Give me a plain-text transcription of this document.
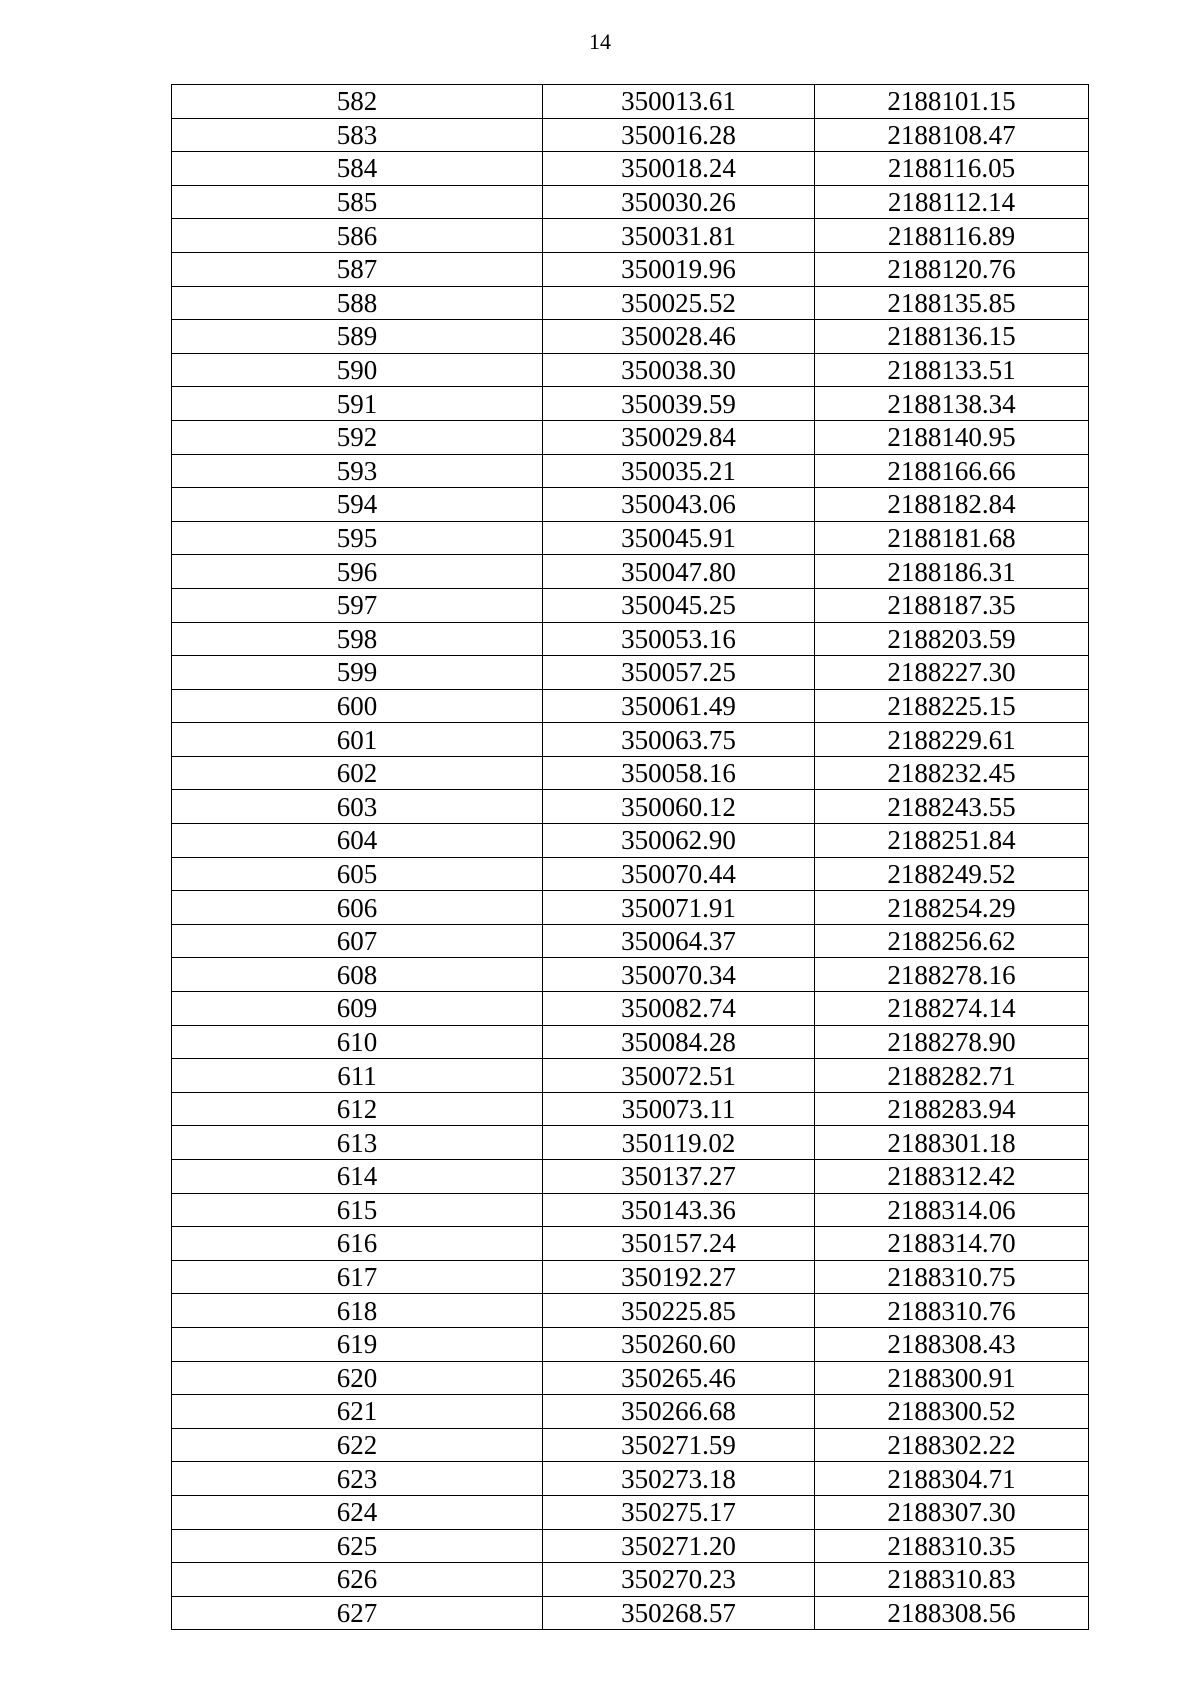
14
582	350013.61	2188101.15
583	350016.28	2188108.47
584	350018.24	2188116.05
585	350030.26	2188112.14
586	350031.81	2188116.89
587	350019.96	2188120.76
588	350025.52	2188135.85
589	350028.46	2188136.15
590	350038.30	2188133.51
591	350039.59	2188138.34
592	350029.84	2188140.95
593	350035.21	2188166.66
594	350043.06	2188182.84
595	350045.91	2188181.68
596	350047.80	2188186.31
597	350045.25	2188187.35
598	350053.16	2188203.59
599	350057.25	2188227.30
600	350061.49	2188225.15
601	350063.75	2188229.61
602	350058.16	2188232.45
603	350060.12	2188243.55
604	350062.90	2188251.84
605	350070.44	2188249.52
606	350071.91	2188254.29
607	350064.37	2188256.62
608	350070.34	2188278.16
609	350082.74	2188274.14
610	350084.28	2188278.90
611	350072.51	2188282.71
612	350073.11	2188283.94
613	350119.02	2188301.18
614	350137.27	2188312.42
615	350143.36	2188314.06
616	350157.24	2188314.70
617	350192.27	2188310.75
618	350225.85	2188310.76
619	350260.60	2188308.43
620	350265.46	2188300.91
621	350266.68	2188300.52
622	350271.59	2188302.22
623	350273.18	2188304.71
624	350275.17	2188307.30
625	350271.20	2188310.35
626	350270.23	2188310.83
627	350268.57	2188308.56
